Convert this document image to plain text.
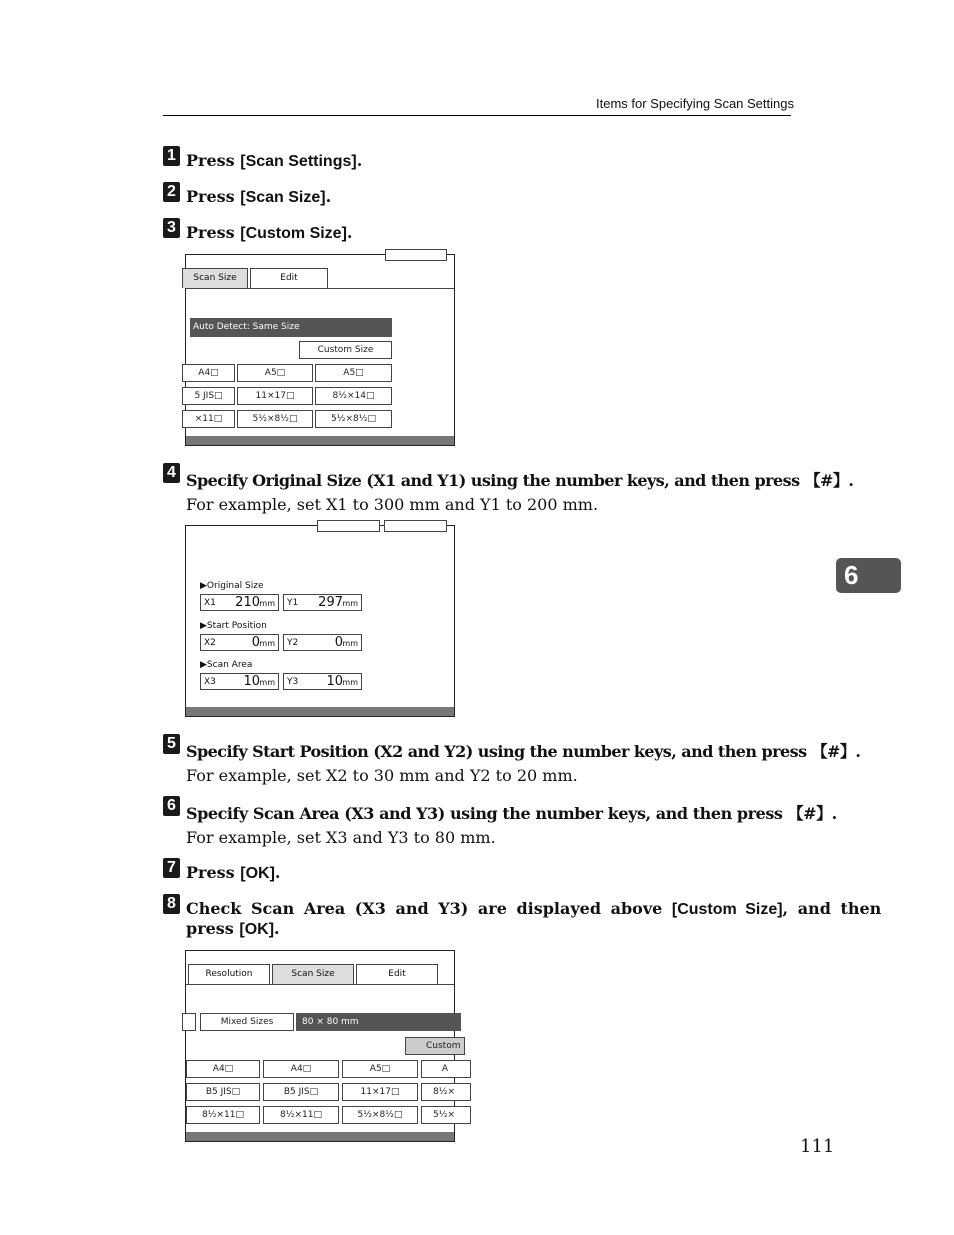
Items for Specifying Scan Settings
6
1 Press [Scan Settings].
2 Press [Scan Size].
3 Press [Custom Size].
Scan Size	Edit
Auto Detect: Same Size
Custom Size
A4□	A5□	A5□
5 JIS□	11×17□	8½×14□
×11□	5½×8½□	5½×8½□
4 Specify Original Size (X1 and Y1) using the number keys, and then press 【#】.
For example, set X1 to 300 mm and Y1 to 200 mm.
▶Original Size
X1 210 mm Y1 297 mm
▶Start Position
X2	0 mm Y2	0 mm
▶Scan Area
X3 10 mm Y3 10 mm
5 Specify Start Position (X2 and Y2) using the number keys, and then press 【#】.
For example, set X2 to 30 mm and Y2 to 20 mm.
6 Specify Scan Area (X3 and Y3) using the number keys, and then press 【#】.
For example, set X3 and Y3 to 80 mm.
7 Press [OK].
8 Check Scan Area (X3 and Y3) are displayed above [Custom Size], and then
press [OK].
Resolution	Scan Size	Edit
Mixed Sizes	80 × 80 mm
Custom
A4□	A4□	A5□	A
B5 JIS□	B5 JIS□	11×17□	8½×
8½×11□	8½×11□	5½×8½□	5½×
111
